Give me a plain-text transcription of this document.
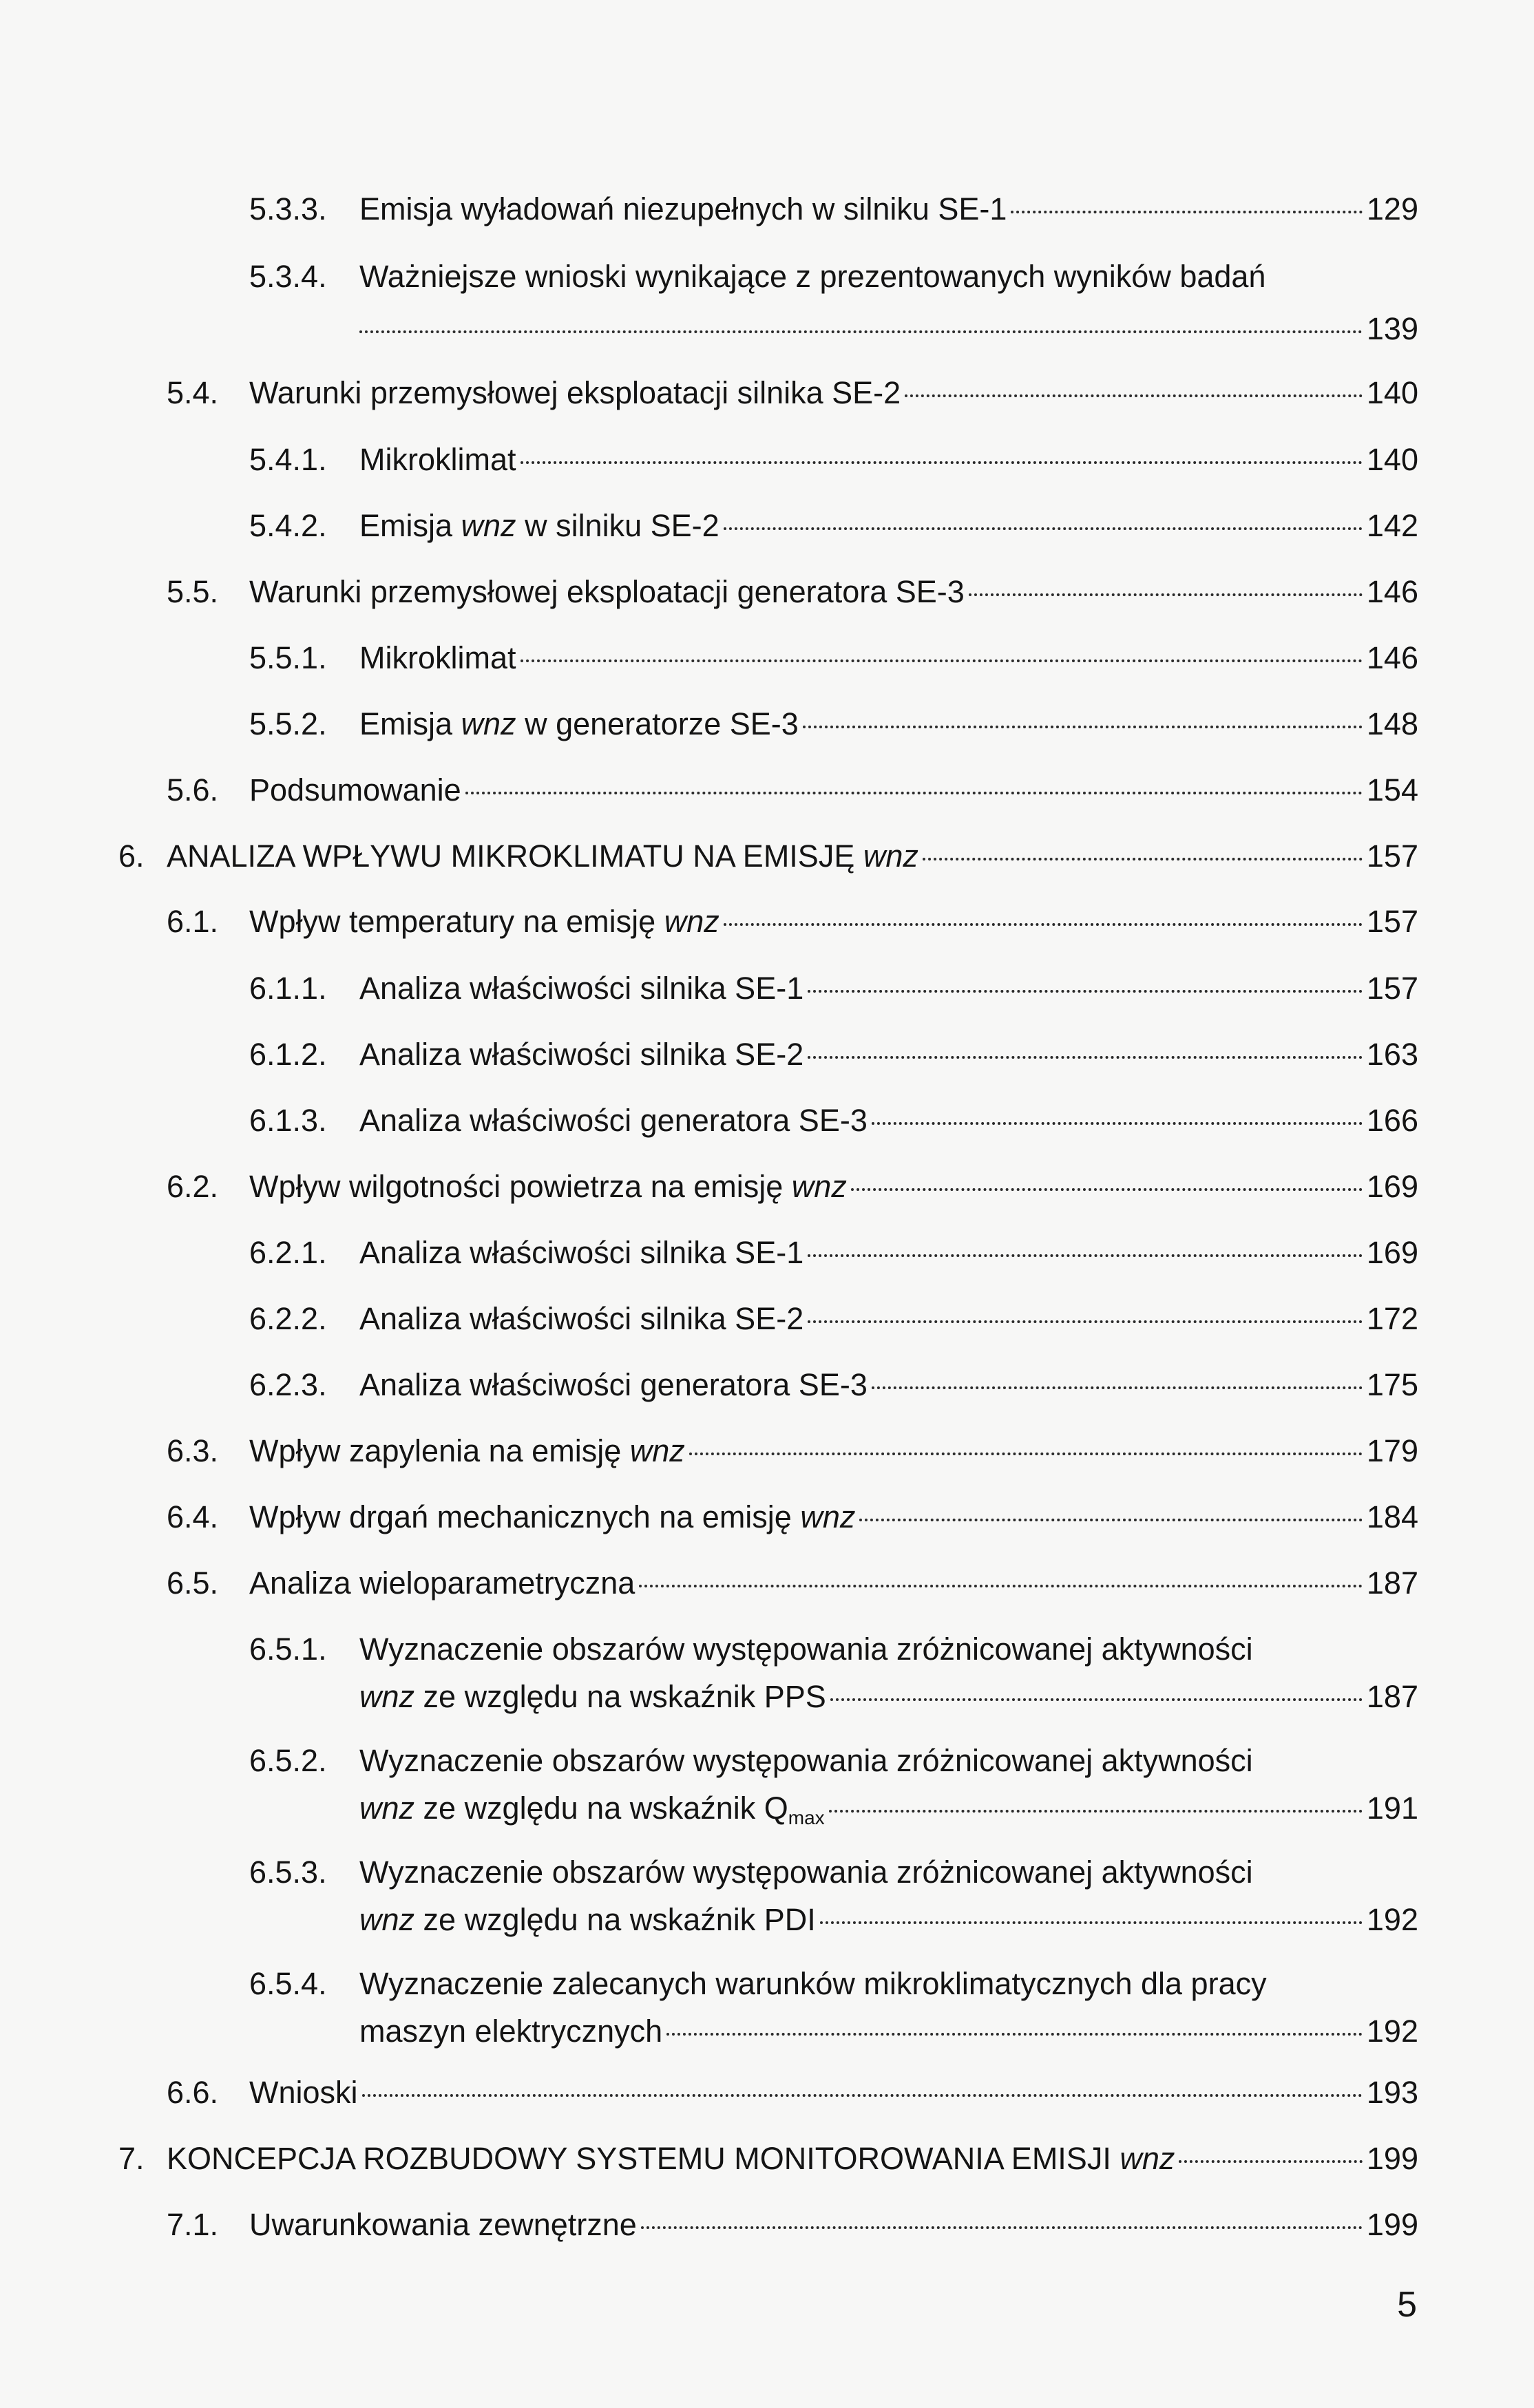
5.3.3.	Emisja wyładowań niezupełnych w silniku SE-1	129
5.3.4.	Ważniejsze wnioski wynikające z prezentowanych wyników badań
139
5.4. Warunki przemysłowej eksploatacji silnika SE-2	140
5.4.1.	Mikroklimat	140
5.4.2.	Emisja wnz w silniku SE-2	142
5.5. Warunki przemysłowej eksploatacji generatora SE-3	146
5.5.1.	Mikroklimat	146
5.5.2.	Emisja wnz w generatorze SE-3	148
5.6. Podsumowanie	154
6. ANALIZA WPŁYWU MIKROKLIMATU NA EMISJĘ wnz	157
6.1. Wpływ temperatury na emisję wnz	157
6.1.1.	Analiza właściwości silnika SE-1	157
6.1.2.	Analiza właściwości silnika SE-2	163
6.1.3.	Analiza właściwości generatora SE-3	166
6.2. Wpływ wilgotności powietrza na emisję wnz	169
6.2.1.	Analiza właściwości silnika SE-1	169
6.2.2.	Analiza właściwości silnika SE-2	172
6.2.3.	Analiza właściwości generatora SE-3	175
6.3. Wpływ zapylenia na emisję wnz	179
6.4. Wpływ drgań mechanicznych na emisję wnz	184
6.5. Analiza wieloparametryczna	187
6.5.1.	Wyznaczenie obszarów występowania zróżnicowanej aktywności
wnz ze względu na wskaźnik PPS	187
6.5.2.	Wyznaczenie obszarów występowania zróżnicowanej aktywności
wnz ze względu na wskaźnik $Q_{max}$	191
6.5.3.	Wyznaczenie obszarów występowania zróżnicowanej aktywności
wnz ze względu na wskaźnik PDI	192
6.5.4.	Wyznaczenie zalecanych warunków mikroklimatycznych dla pracy
maszyn elektrycznych	192
6.6. Wnioski	193
7. KONCEPCJA ROZBUDOWY SYSTEMU MONITOROWANIA EMISJI wnz	199
7.1. Uwarunkowania zewnętrzne	199
5
